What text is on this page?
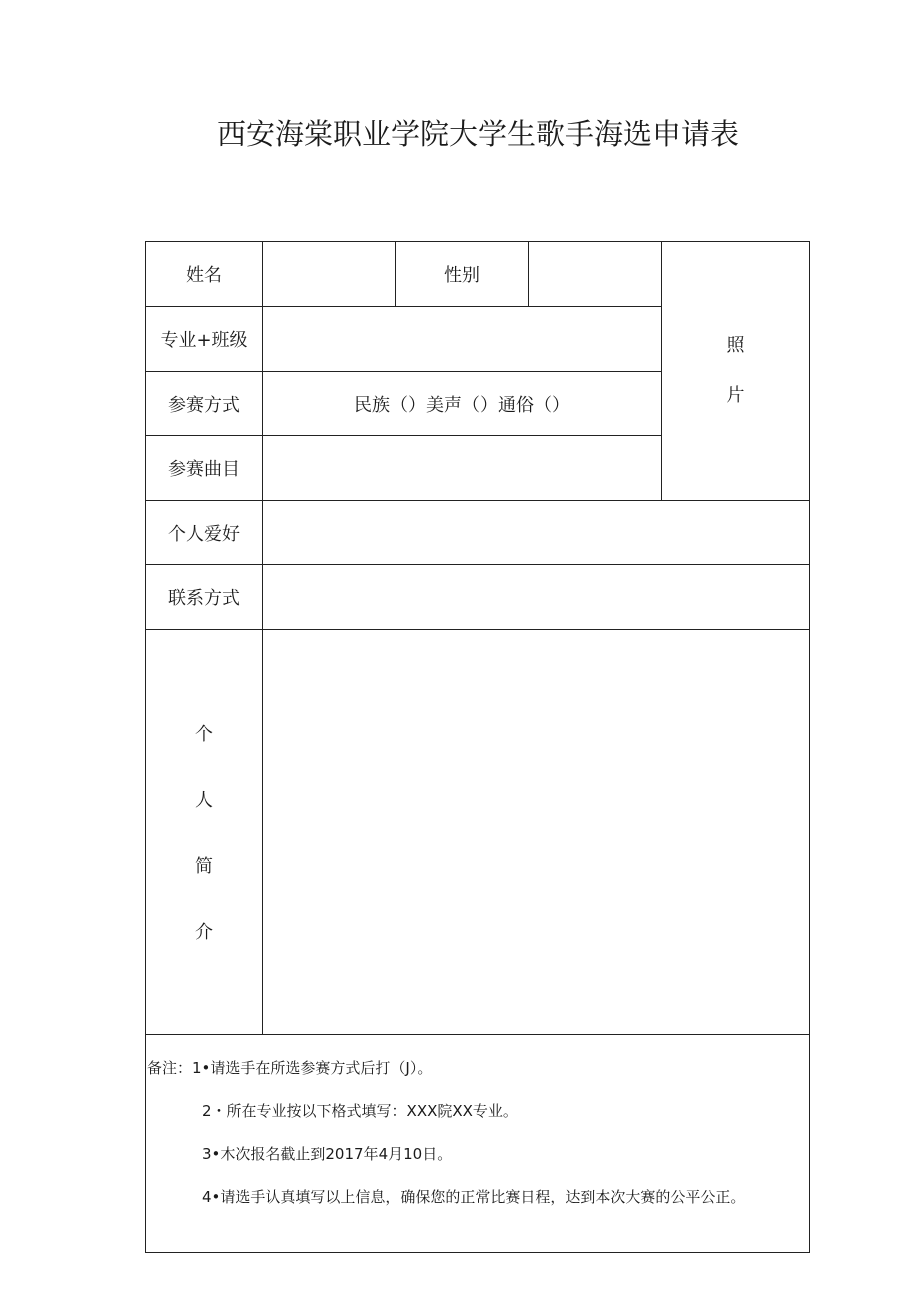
西安海棠职业学院大学生歌手海选申请表
姓名		性别		照
片

专业+班级				
参赛方式	民族（）美声（）通俗（）			
参赛曲目				
个人爱好				
联系方式				

个
人
简
介				

备注：1•请选手在所选参赛方式后打（J）。
2・所在专业按以下格式填写：XXX院XX专业。
3•木次报名截止到2017年4月10日。
4•请选手认真填写以上信息，确保您的正常比赛日程，达到本次大赛的公平公正。				
